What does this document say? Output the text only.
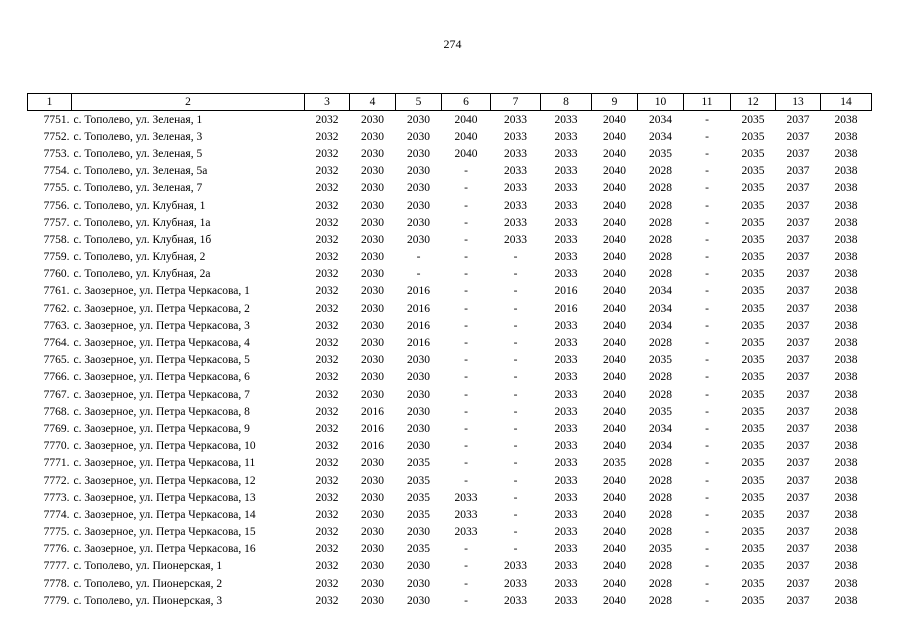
274
1	2	3	4	5	6	7	8	9	10	11	12	13	14
7751.	с. Тополево, ул. Зеленая, 1	2032	2030	2030	2040	2033	2033	2040	2034	-	2035	2037	2038
7752.	с. Тополево, ул. Зеленая, 3	2032	2030	2030	2040	2033	2033	2040	2034	-	2035	2037	2038
7753.	с. Тополево, ул. Зеленая, 5	2032	2030	2030	2040	2033	2033	2040	2035	-	2035	2037	2038
7754.	с. Тополево, ул. Зеленая, 5а	2032	2030	2030	-	2033	2033	2040	2028	-	2035	2037	2038
7755.	с. Тополево, ул. Зеленая, 7	2032	2030	2030	-	2033	2033	2040	2028	-	2035	2037	2038
7756.	с. Тополево, ул. Клубная, 1	2032	2030	2030	-	2033	2033	2040	2028	-	2035	2037	2038
7757.	с. Тополево, ул. Клубная, 1а	2032	2030	2030	-	2033	2033	2040	2028	-	2035	2037	2038
7758.	с. Тополево, ул. Клубная, 1б	2032	2030	2030	-	2033	2033	2040	2028	-	2035	2037	2038
7759.	с. Тополево, ул. Клубная, 2	2032	2030	-	-	-	2033	2040	2028	-	2035	2037	2038
7760.	с. Тополево, ул. Клубная, 2а	2032	2030	-	-	-	2033	2040	2028	-	2035	2037	2038
7761.	с. Заозерное, ул. Петра Черкасова, 1	2032	2030	2016	-	-	2016	2040	2034	-	2035	2037	2038
7762.	с. Заозерное, ул. Петра Черкасова, 2	2032	2030	2016	-	-	2016	2040	2034	-	2035	2037	2038
7763.	с. Заозерное, ул. Петра Черкасова, 3	2032	2030	2016	-	-	2033	2040	2034	-	2035	2037	2038
7764.	с. Заозерное, ул. Петра Черкасова, 4	2032	2030	2016	-	-	2033	2040	2028	-	2035	2037	2038
7765.	с. Заозерное, ул. Петра Черкасова, 5	2032	2030	2030	-	-	2033	2040	2035	-	2035	2037	2038
7766.	с. Заозерное, ул. Петра Черкасова, 6	2032	2030	2030	-	-	2033	2040	2028	-	2035	2037	2038
7767.	с. Заозерное, ул. Петра Черкасова, 7	2032	2030	2030	-	-	2033	2040	2028	-	2035	2037	2038
7768.	с. Заозерное, ул. Петра Черкасова, 8	2032	2016	2030	-	-	2033	2040	2035	-	2035	2037	2038
7769.	с. Заозерное, ул. Петра Черкасова, 9	2032	2016	2030	-	-	2033	2040	2034	-	2035	2037	2038
7770.	с. Заозерное, ул. Петра Черкасова, 10	2032	2016	2030	-	-	2033	2040	2034	-	2035	2037	2038
7771.	с. Заозерное, ул. Петра Черкасова, 11	2032	2030	2035	-	-	2033	2035	2028	-	2035	2037	2038
7772.	с. Заозерное, ул. Петра Черкасова, 12	2032	2030	2035	-	-	2033	2040	2028	-	2035	2037	2038
7773.	с. Заозерное, ул. Петра Черкасова, 13	2032	2030	2035	2033	-	2033	2040	2028	-	2035	2037	2038
7774.	с. Заозерное, ул. Петра Черкасова, 14	2032	2030	2035	2033	-	2033	2040	2028	-	2035	2037	2038
7775.	с. Заозерное, ул. Петра Черкасова, 15	2032	2030	2030	2033	-	2033	2040	2028	-	2035	2037	2038
7776.	с. Заозерное, ул. Петра Черкасова, 16	2032	2030	2035	-	-	2033	2040	2035	-	2035	2037	2038
7777.	с. Тополево, ул. Пионерская, 1	2032	2030	2030	-	2033	2033	2040	2028	-	2035	2037	2038
7778.	с. Тополево, ул. Пионерская, 2	2032	2030	2030	-	2033	2033	2040	2028	-	2035	2037	2038
7779.	с. Тополево, ул. Пионерская, 3	2032	2030	2030	-	2033	2033	2040	2028	-	2035	2037	2038
